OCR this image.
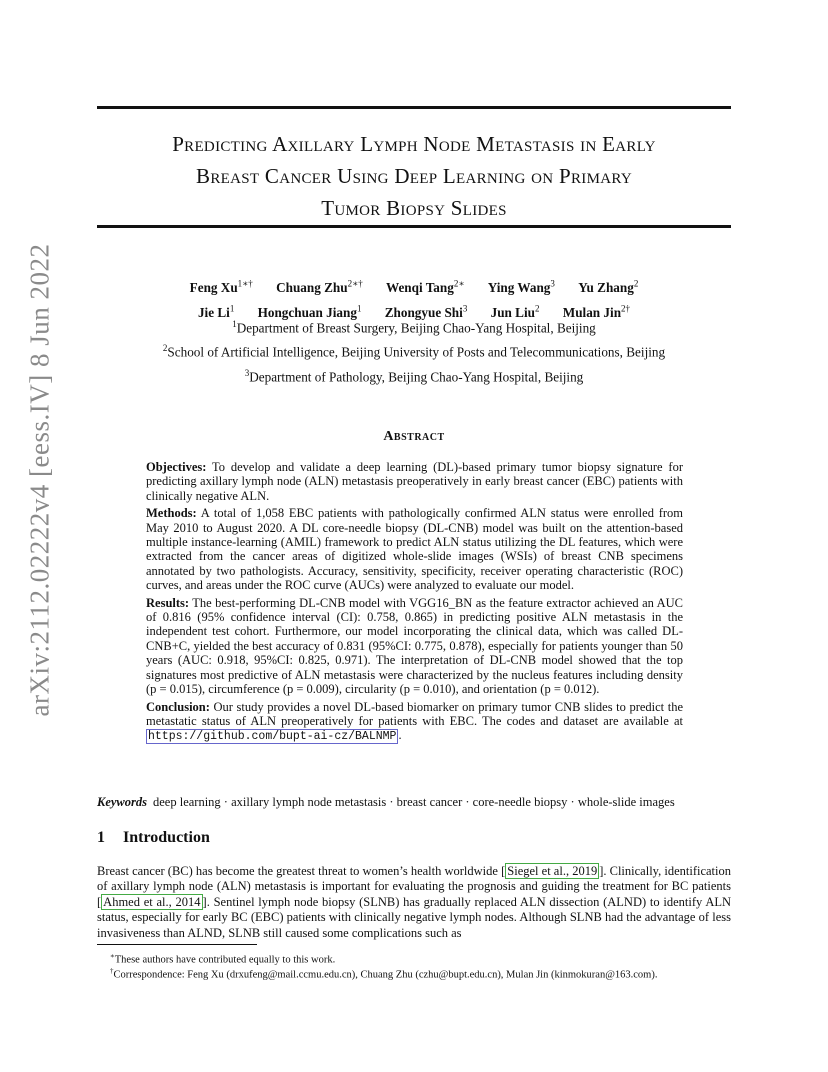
arXiv:2112.02222v4 [eess.IV] 8 Jun 2022
Predicting Axillary Lymph Node Metastasis in Early
Breast Cancer Using Deep Learning on Primary
Tumor Biopsy Slides
Feng $Xu^{1∗\dagger}$ Chuang Zhu$^{2∗\dagger}$ Wenqi Tang$^{2∗}$ Ying Wang$^3$ Yu Zhang$^2$
Jie Li$^1$ Hongchuan Jiang$^1$ Zhongyue Shi$^3$ Jun Liu$^2$ Mulan Jin$^{2\dagger}$
$^1$Department of Breast Surgery, Beijing Chao-Yang Hospital, Beijing
$^2$School of Artificial Intelligence, Beijing University of Posts and Telecommunications, Beijing
$^3$Department of Pathology, Beijing Chao-Yang Hospital, Beijing
Abstract

Objectives: To develop and validate a deep learning (DL)-based primary tumor biopsy signature for predicting axillary lymph node (ALN) metastasis preoperatively in early breast cancer (EBC) patients with clinically negative ALN.

Methods: A total of 1,058 EBC patients with pathologically confirmed ALN status were enrolled from May 2010 to August 2020. A DL core-needle biopsy (DL-CNB) model was built on the attention-based multiple instance-learning (AMIL) framework to predict ALN status utilizing the DL features, which were extracted from the cancer areas of digitized whole-slide images (WSIs) of breast CNB specimens annotated by two pathologists. Accuracy, sensitivity, specificity, receiver operating characteristic (ROC) curves, and areas under the ROC curve (AUCs) were analyzed to evaluate our model.

Results: The best-performing DL-CNB model with VGG16_BN as the feature extractor achieved an AUC of 0.816 (95% confidence interval (CI): 0.758, 0.865) in predicting positive ALN metastasis in the independent test cohort. Furthermore, our model incorporating the clinical data, which was called DL-CNB+C, yielded the best accuracy of 0.831 (95%CI: 0.775, 0.878), especially for patients younger than 50 years (AUC: 0.918, 95%CI: 0.825, 0.971). The interpretation of DL-CNB model showed that the top signatures most predictive of ALN metastasis were characterized by the nucleus features including density (p = 0.015), circumference (p = 0.009), circularity (p = 0.010), and orientation (p = 0.012).

Conclusion: Our study provides a novel DL-based biomarker on primary tumor CNB slides to predict the metastatic status of ALN preoperatively for patients with EBC. The codes and dataset are available at https://github.com/bupt-ai-cz/BALNMP .

Keywords deep learning · axillary lymph node metastasis · breast cancer · core-needle biopsy · whole-slide images
1 Introduction
Breast cancer (BC) has become the greatest threat to women’s health worldwide [ Siegel et al., 2019 ]. Clinically, identification of axillary lymph node (ALN) metastasis is important for evaluating the prognosis and guiding the treatment for BC patients [ Ahmed et al., 2014 ]. Sentinel lymph node biopsy (SLNB) has gradually replaced ALN dissection (ALND) to identify ALN status, especially for early BC (EBC) patients with clinically negative lymph nodes. Although SLNB had the advantage of less invasiveness than ALND, SLNB still caused some complications such as
∗These authors have contributed equally to this work.
†Correspondence: Feng Xu (drxufeng@mail.ccmu.edu.cn), Chuang Zhu (czhu@bupt.edu.cn), Mulan Jin (kinmokuran@163.com).
